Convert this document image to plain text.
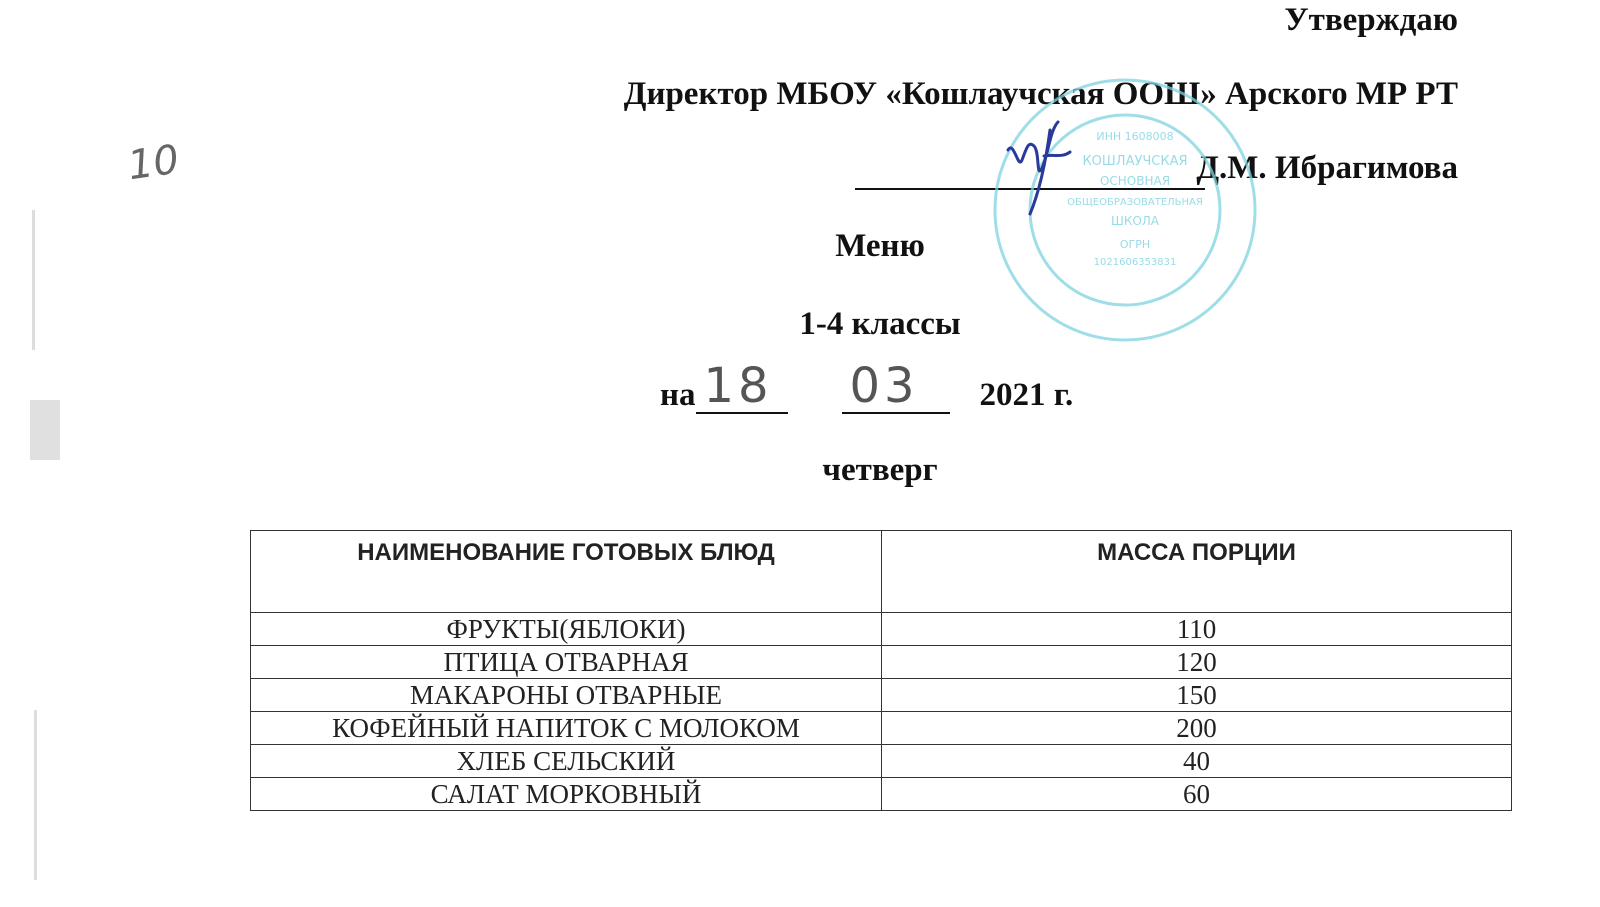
10
Утверждаю
Директор МБОУ «Кошлаучская ООШ» Арского МР РТ
Д.М. Ибрагимова
ИНН 1608008
КОШЛАУЧСКАЯ
ОСНОВНАЯ
ОБЩЕОБРАЗОВАТЕЛЬНАЯ
ШКОЛА
ОГРН
1021606353831
Меню
1-4 классы
на 18 03 2021 г.
четверг
НАИМЕНОВАНИЕ ГОТОВЫХ БЛЮД	МАССА ПОРЦИИ
ФРУКТЫ(ЯБЛОКИ)	110
ПТИЦА ОТВАРНАЯ	120
МАКАРОНЫ ОТВАРНЫЕ	150
КОФЕЙНЫЙ НАПИТОК С МОЛОКОМ	200
ХЛЕБ СЕЛЬСКИЙ	40
САЛАТ МОРКОВНЫЙ	60
